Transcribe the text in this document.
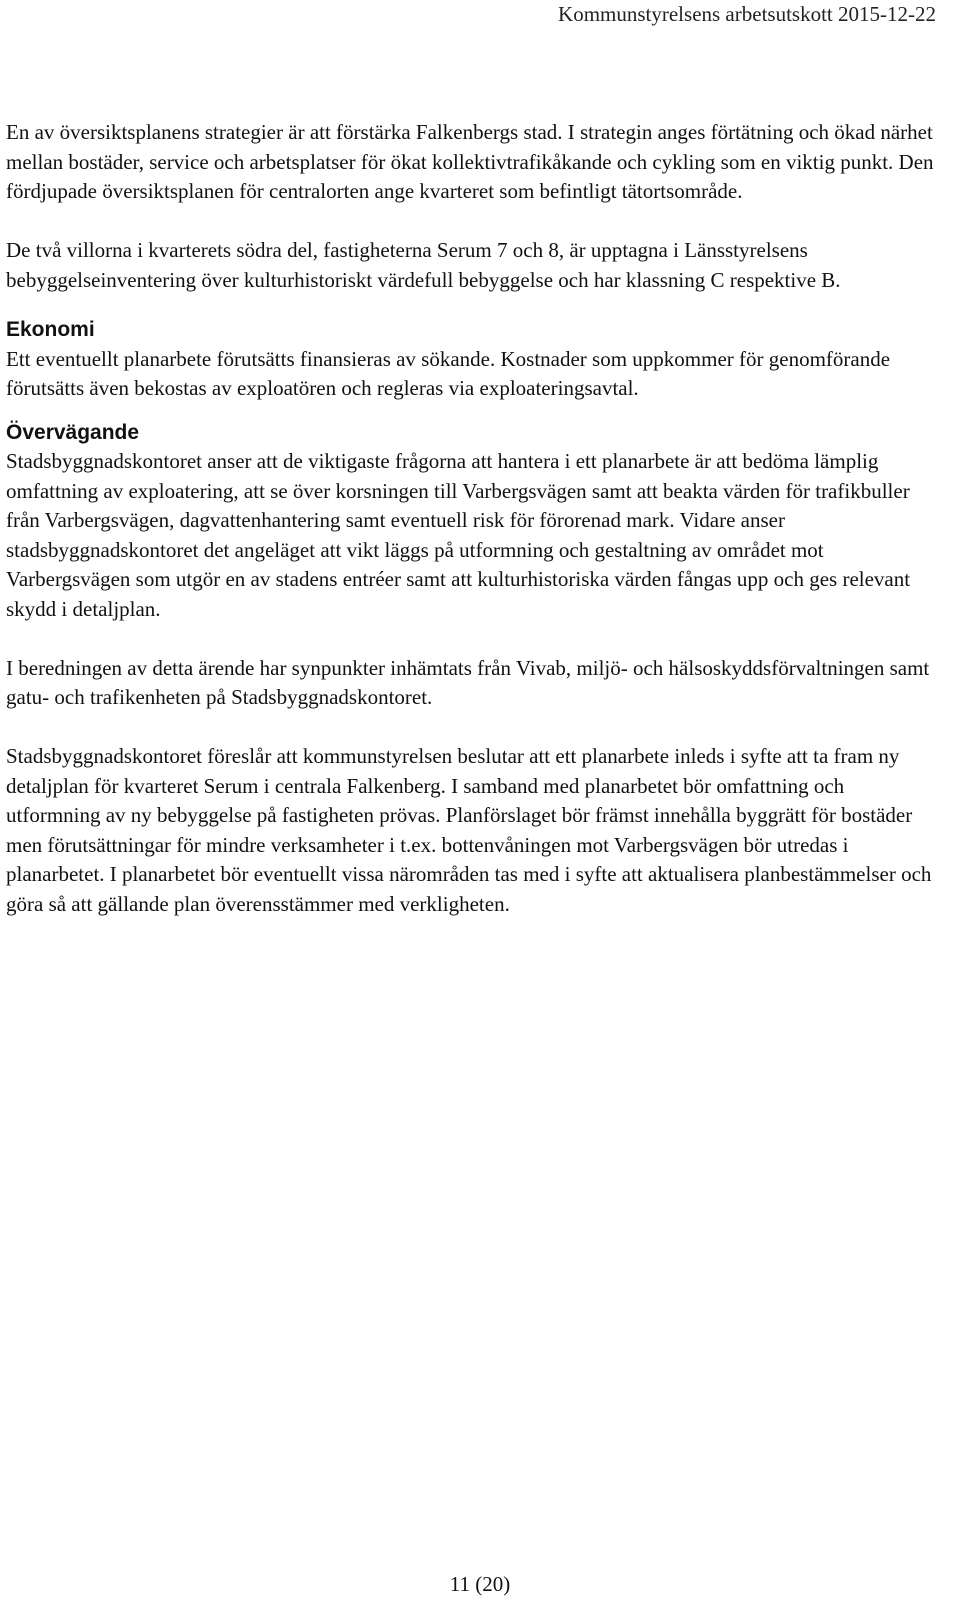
Kommunstyrelsens arbetsutskott 2015-12-22

En av översiktsplanens strategier är att förstärka Falkenbergs stad. I strategin anges förtätning och ökad närhet mellan bostäder, service och arbetsplatser för ökat kollektivtrafikåkande och cykling som en viktig punkt. Den fördjupade översiktsplanen för centralorten ange kvarteret som befintligt tätortsområde.

De två villorna i kvarterets södra del, fastigheterna Serum 7 och 8, är upptagna i Länsstyrelsens bebyggelseinventering över kulturhistoriskt värdefull bebyggelse och har klassning C respektive B.

Ekonomi

Ett eventuellt planarbete förutsätts finansieras av sökande. Kostnader som uppkommer för genomförande förutsätts även bekostas av exploatören och regleras via exploateringsavtal.

Övervägande

Stadsbyggnadskontoret anser att de viktigaste frågorna att hantera i ett planarbete är att bedöma lämplig omfattning av exploatering, att se över korsningen till Varbergsvägen samt att beakta värden för trafikbuller från Varbergsvägen, dagvattenhantering samt eventuell risk för förorenad mark. Vidare anser stadsbyggnadskontoret det angeläget att vikt läggs på utformning och gestaltning av området mot Varbergsvägen som utgör en av stadens entréer samt att kulturhistoriska värden fångas upp och ges relevant skydd i detaljplan.

I beredningen av detta ärende har synpunkter inhämtats från Vivab, miljö- och hälsoskyddsförvaltningen samt gatu- och trafikenheten på Stadsbyggnadskontoret.

Stadsbyggnadskontoret föreslår att kommunstyrelsen beslutar att ett planarbete inleds i syfte att ta fram ny detaljplan för kvarteret Serum i centrala Falkenberg. I samband med planarbetet bör omfattning och utformning av ny bebyggelse på fastigheten prövas. Planförslaget bör främst innehålla byggrätt för bostäder men förutsättningar för mindre verksamheter i t.ex. bottenvåningen mot Varbergsvägen bör utredas i planarbetet. I planarbetet bör eventuellt vissa närområden tas med i syfte att aktualisera planbestämmelser och göra så att gällande plan överensstämmer med verkligheten.

11 (20)
